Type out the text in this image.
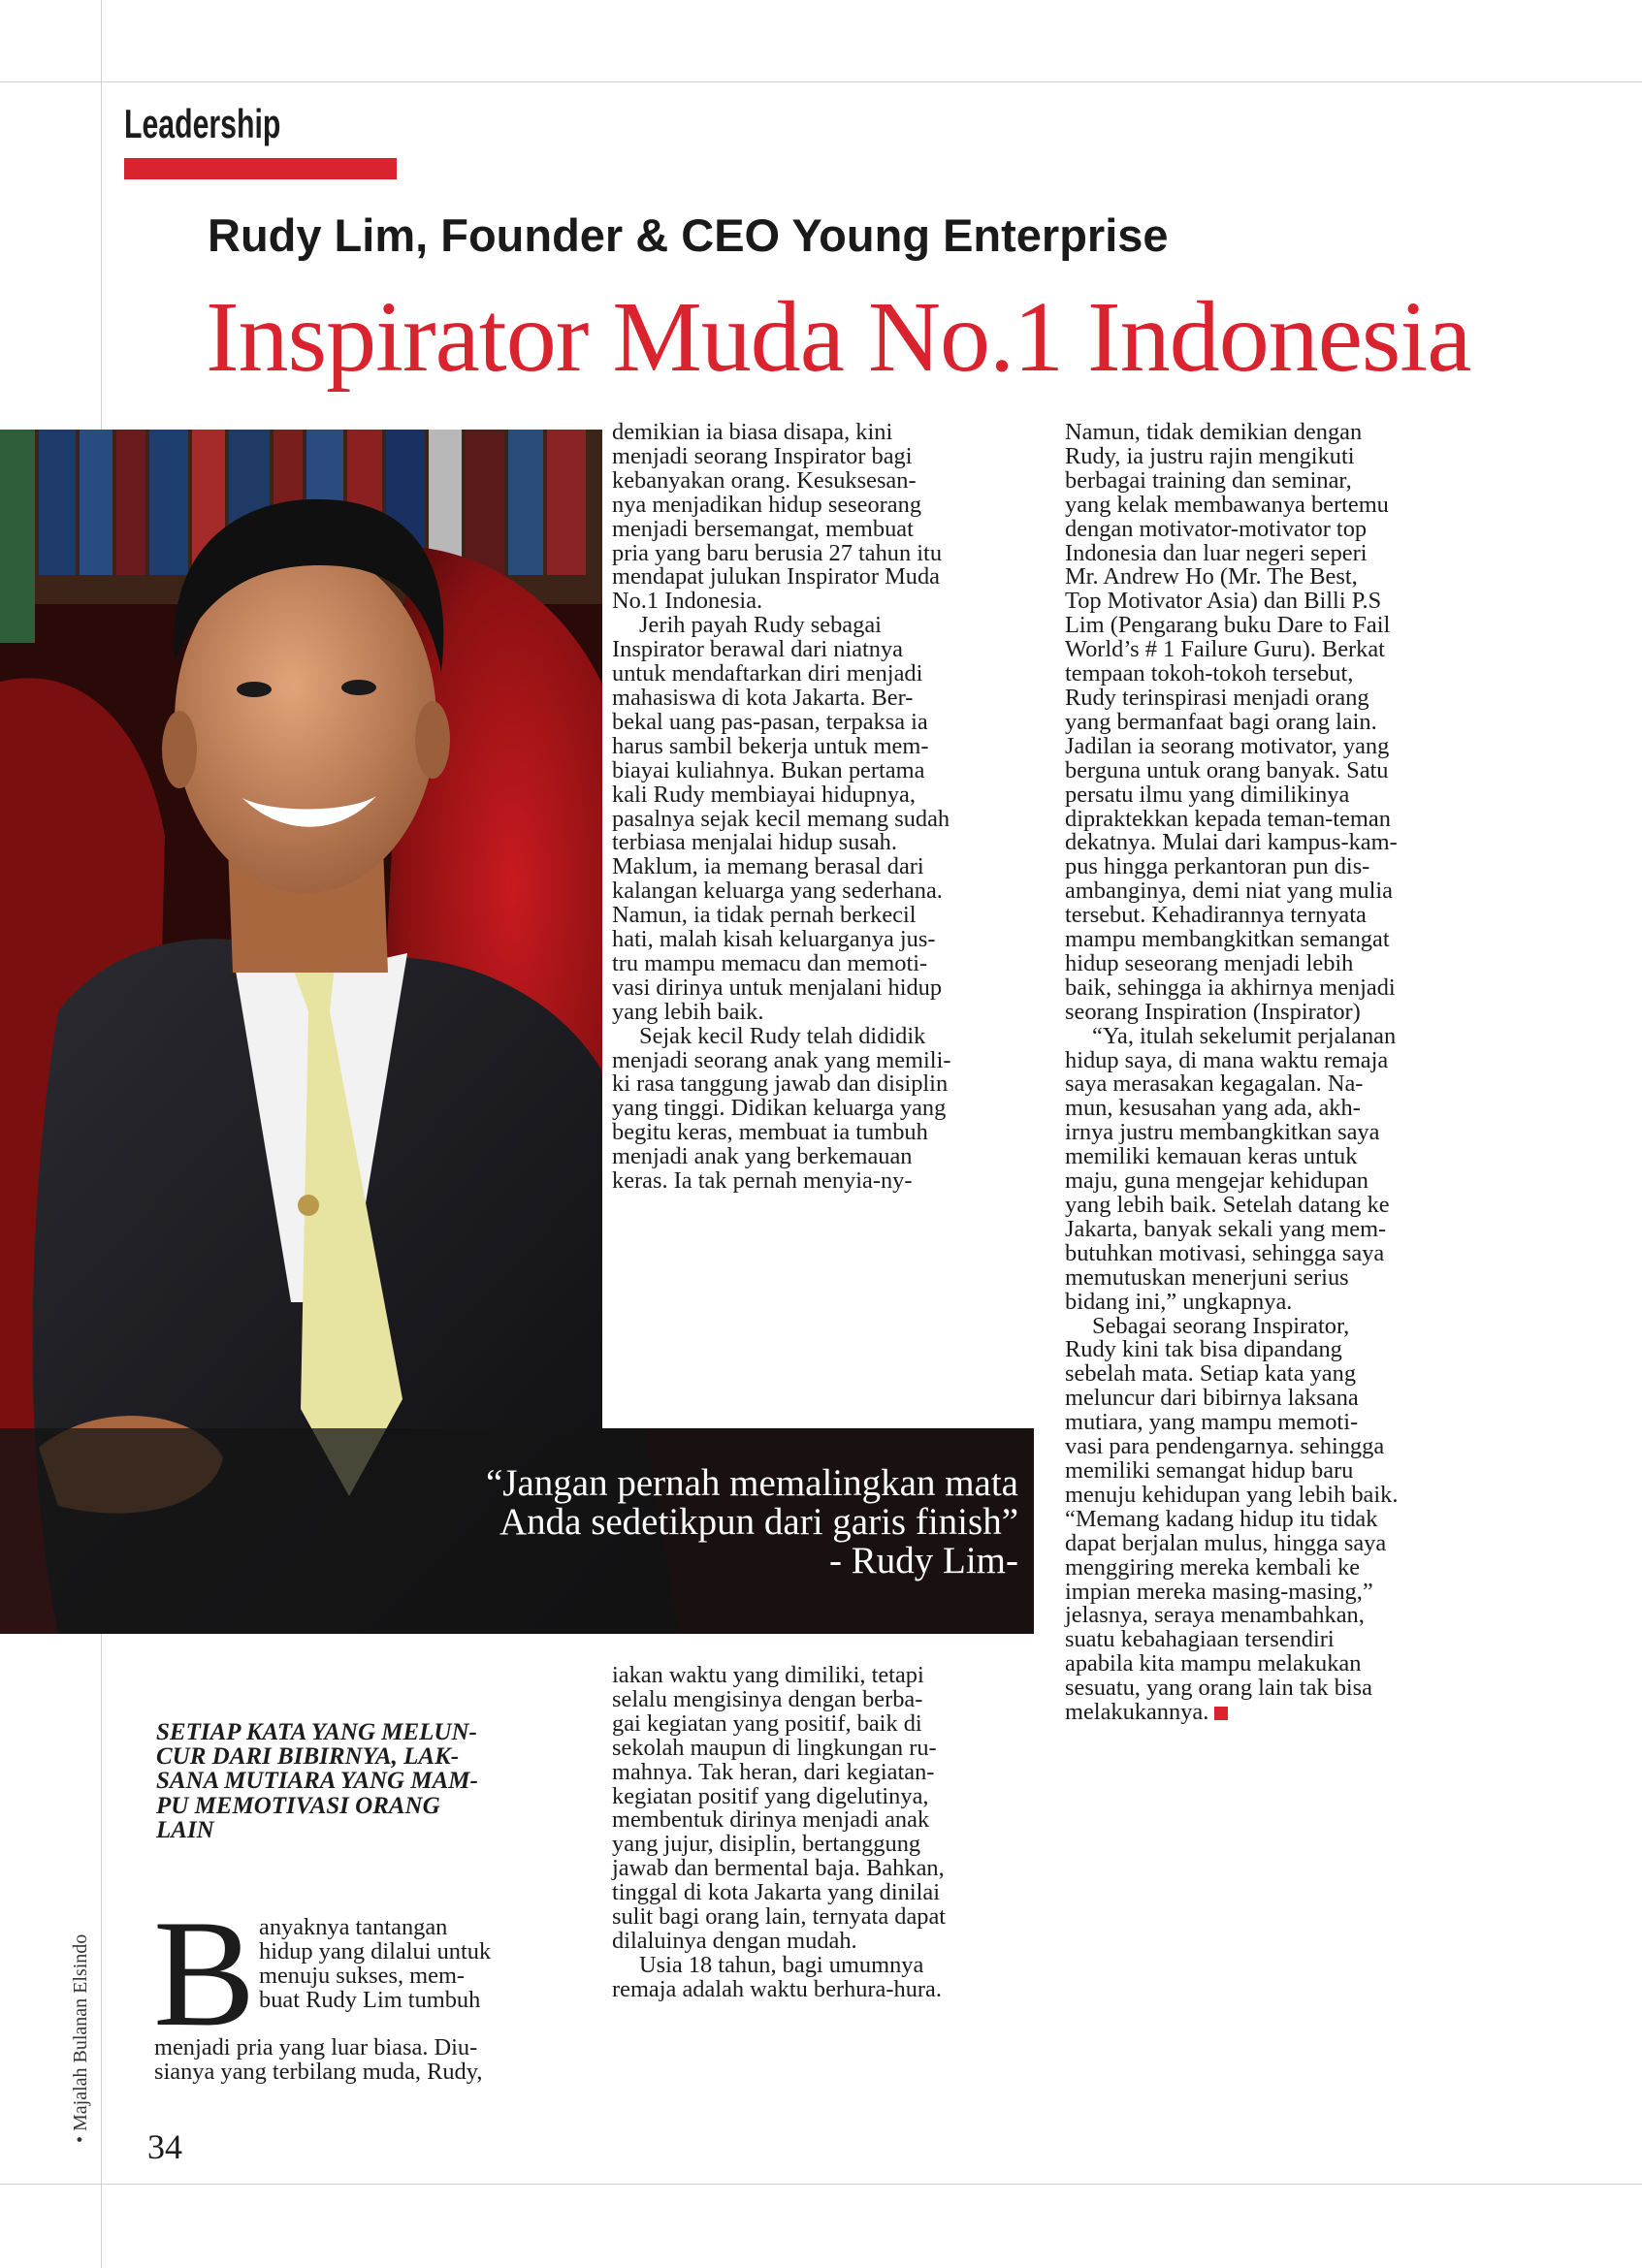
Leadership
Rudy Lim, Founder & CEO Young Enterprise
Inspirator Muda No.1 Indonesia
“Jangan pernah memalingkan mata
Anda sedetikpun dari garis finish”
- Rudy Lim-
demikian ia biasa disapa, kini
menjadi seorang Inspirator bagi
kebanyakan orang. Kesuksesan-
nya menjadikan hidup seseorang
menjadi bersemangat, membuat
pria yang baru berusia 27 tahun itu
mendapat julukan Inspirator Muda
No.1 Indonesia.
Jerih payah Rudy sebagai
Inspirator berawal dari niatnya
untuk mendaftarkan diri menjadi
mahasiswa di kota Jakarta. Ber-
bekal uang pas-pasan, terpaksa ia
harus sambil bekerja untuk mem-
biayai kuliahnya. Bukan pertama
kali Rudy membiayai hidupnya,
pasalnya sejak kecil memang sudah
terbiasa menjalai hidup susah.
Maklum, ia memang berasal dari
kalangan keluarga yang sederhana.
Namun, ia tidak pernah berkecil
hati, malah kisah keluarganya jus-
tru mampu memacu dan memoti-
vasi dirinya untuk menjalani hidup
yang lebih baik.
Sejak kecil Rudy telah dididik
menjadi seorang anak yang memili-
ki rasa tanggung jawab dan disiplin
yang tinggi. Didikan keluarga yang
begitu keras, membuat ia tumbuh
menjadi anak yang berkemauan
keras. Ia tak pernah menyia-ny-
SETIAP KATA YANG MELUN-
CUR DARI BIBIRNYA, LAK-
SANA MUTIARA YANG MAM-
PU MEMOTIVASI ORANG
LAIN
B anyaknya tantangan
hidup yang dilalui untuk
menuju sukses, mem-
buat Rudy Lim tumbuh
menjadi pria yang luar biasa. Diu-
sianya yang terbilang muda, Rudy,
iakan waktu yang dimiliki, tetapi
selalu mengisinya dengan berba-
gai kegiatan yang positif, baik di
sekolah maupun di lingkungan ru-
mahnya. Tak heran, dari kegiatan-
kegiatan positif yang digelutinya,
membentuk dirinya menjadi anak
yang jujur, disiplin, bertanggung
jawab dan bermental baja. Bahkan,
tinggal di kota Jakarta yang dinilai
sulit bagi orang lain, ternyata dapat
dilaluinya dengan mudah.
Usia 18 tahun, bagi umumnya
remaja adalah waktu berhura-hura.
Namun, tidak demikian dengan
Rudy, ia justru rajin mengikuti
berbagai training dan seminar,
yang kelak membawanya bertemu
dengan motivator-motivator top
Indonesia dan luar negeri seperi
Mr. Andrew Ho (Mr. The Best,
Top Motivator Asia) dan Billi P.S
Lim (Pengarang buku Dare to Fail
World’s # 1 Failure Guru). Berkat
tempaan tokoh-tokoh tersebut,
Rudy terinspirasi menjadi orang
yang bermanfaat bagi orang lain.
Jadilan ia seorang motivator, yang
berguna untuk orang banyak. Satu
persatu ilmu yang dimilikinya
dipraktekkan kepada teman-teman
dekatnya. Mulai dari kampus-kam-
pus hingga perkantoran pun dis-
ambanginya, demi niat yang mulia
tersebut. Kehadirannya ternyata
mampu membangkitkan semangat
hidup seseorang menjadi lebih
baik, sehingga ia akhirnya menjadi
seorang Inspiration (Inspirator)
“Ya, itulah sekelumit perjalanan
hidup saya, di mana waktu remaja
saya merasakan kegagalan. Na-
mun, kesusahan yang ada, akh-
irnya justru membangkitkan saya
memiliki kemauan keras untuk
maju, guna mengejar kehidupan
yang lebih baik. Setelah datang ke
Jakarta, banyak sekali yang mem-
butuhkan motivasi, sehingga saya
memutuskan menerjuni serius
bidang ini,” ungkapnya.
Sebagai seorang Inspirator,
Rudy kini tak bisa dipandang
sebelah mata. Setiap kata yang
meluncur dari bibirnya laksana
mutiara, yang mampu memoti-
vasi para pendengarnya. sehingga
memiliki semangat hidup baru
menuju kehidupan yang lebih baik.
“Memang kadang hidup itu tidak
dapat berjalan mulus, hingga saya
menggiring mereka kembali ke
impian mereka masing-masing,”
jelasnya, seraya menambahkan,
suatu kebahagiaan tersendiri
apabila kita mampu melakukan
sesuatu, yang orang lain tak bisa
melakukannya.
• Majalah Bulanan Elsindo
34
